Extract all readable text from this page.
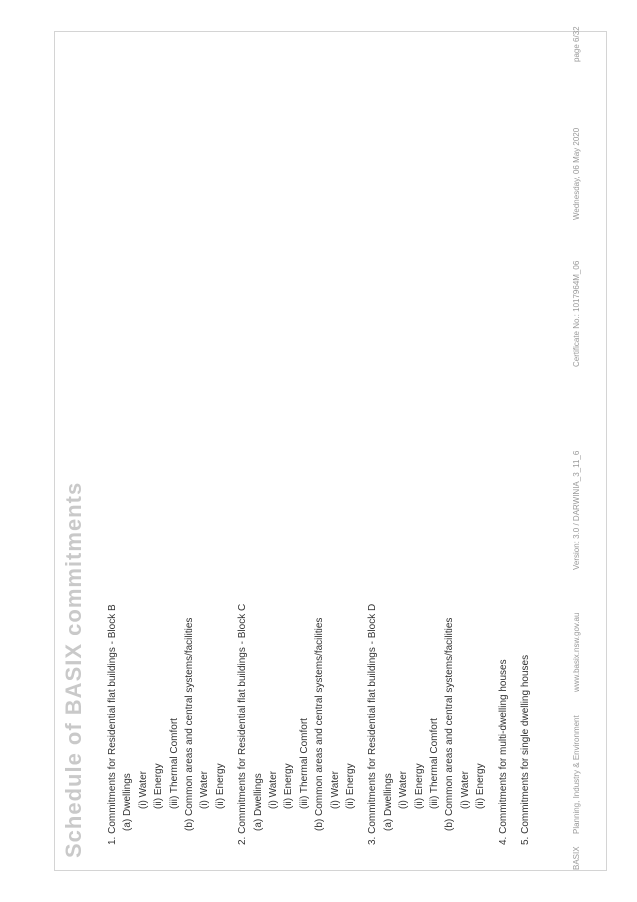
Schedule of BASIX commitments 1. Commitments for Residential flat buildings - Block B (a) Dwellings (i) Water (ii) Energy (iii) Thermal Comfort (b) Common areas and central systems/facilities (i) Water (ii) Energy 2. Commitments for Residential flat buildings - Block C (a) Dwellings (i) Water (ii) Energy (iii) Thermal Comfort (b) Common areas and central systems/facilities (i) Water (ii) Energy 3. Commitments for Residential flat buildings - Block D (a) Dwellings (i) Water (ii) Energy (iii) Thermal Comfort (b) Common areas and central systems/facilities (i) Water (ii) Energy 4. Commitments for multi-dwelling houses 5. Commitments for single dwelling houses
BASIX
Planning, Industry & Environment
www.basix.nsw.gov.au
Version: 3.0 / DARWINIA_3_11_6
Certificate No.: 1017964M_06
Wednesday, 06 May 2020
page 6/32
